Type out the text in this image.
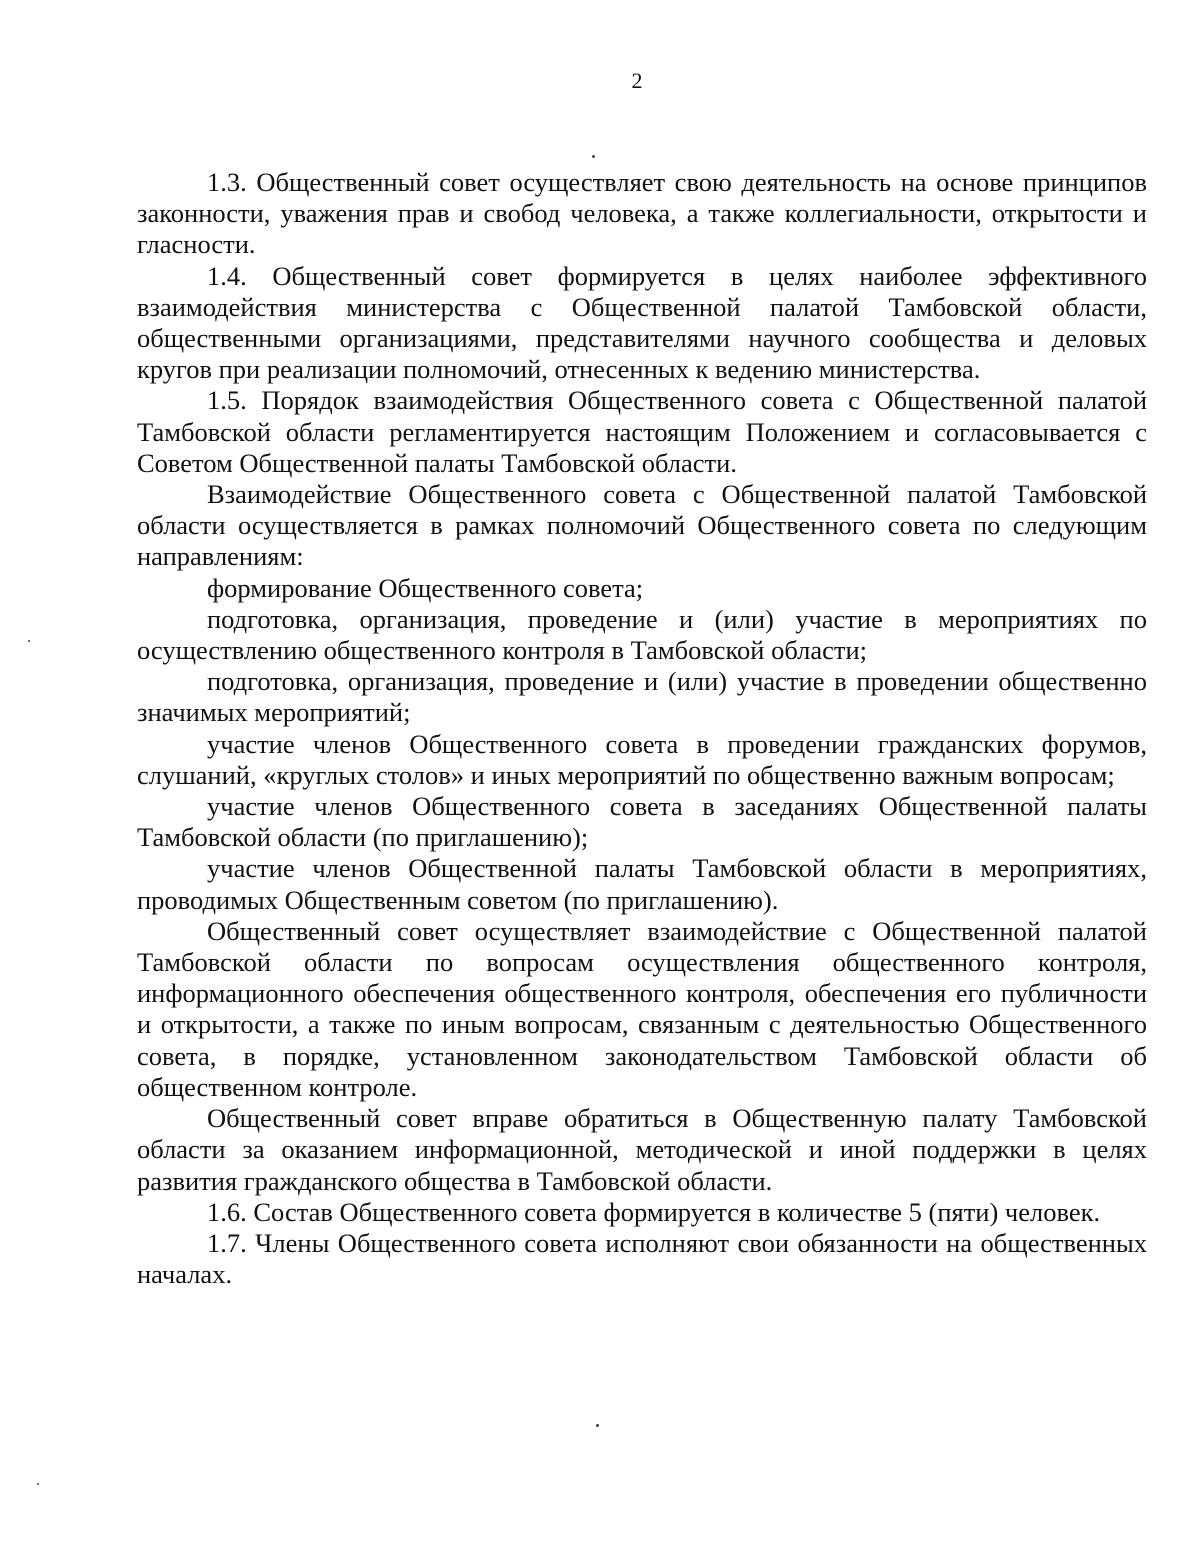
2

1.3. Общественный совет осуществляет свою деятельность на основе принципов законности, уважения прав и свобод человека, а также коллегиальности, открытости и гласности.

1.4. Общественный совет формируется в целях наиболее эффективного взаимодействия министерства с Общественной палатой Тамбовской области, общественными организациями, представителями научного сообщества и деловых кругов при реализации полномочий, отнесенных к ведению министерства.

1.5. Порядок взаимодействия Общественного совета с Общественной палатой Тамбовской области регламентируется настоящим Положением и согласовывается с Советом Общественной палаты Тамбовской области.

Взаимодействие Общественного совета с Общественной палатой Тамбовской области осуществляется в рамках полномочий Общественного совета по следующим направлениям:

формирование Общественного совета;

подготовка, организация, проведение и (или) участие в мероприятиях по осуществлению общественного контроля в Тамбовской области;

подготовка, организация, проведение и (или) участие в проведении общественно значимых мероприятий;

участие членов Общественного совета в проведении гражданских форумов, слушаний, «круглых столов» и иных мероприятий по общественно важным вопросам;

участие членов Общественного совета в заседаниях Общественной палаты Тамбовской области (по приглашению);

участие членов Общественной палаты Тамбовской области в мероприятиях, проводимых Общественным советом (по приглашению).

Общественный совет осуществляет взаимодействие с Общественной палатой Тамбовской области по вопросам осуществления общественного контроля, информационного обеспечения общественного контроля, обеспечения его публичности и открытости, а также по иным вопросам, связанным с деятельностью Общественного совета, в порядке, установленном законодательством Тамбовской области об общественном контроле.

Общественный совет вправе обратиться в Общественную палату Тамбовской области за оказанием информационной, методической и иной поддержки в целях развития гражданского общества в Тамбовской области.

1.6. Состав Общественного совета формируется в количестве 5 (пяти) человек.

1.7. Члены Общественного совета исполняют свои обязанности на общественных началах.
